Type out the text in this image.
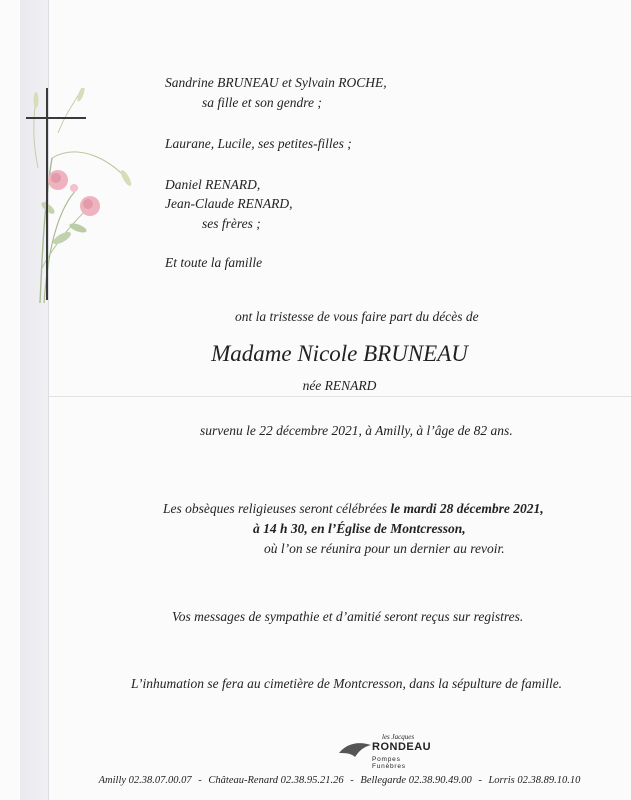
Sandrine BRUNEAU et Sylvain ROCHE,
sa fille et son gendre ;
Laurane, Lucile, ses petites-filles ;
Daniel RENARD,
Jean-Claude RENARD,
ses frères ;
Et toute la famille
ont la tristesse de vous faire part du décès de
Madame Nicole BRUNEAU
née RENARD
survenu le 22 décembre 2021, à Amilly, à l’âge de 82 ans.
Les obsèques religieuses seront célébrées le mardi 28 décembre 2021,
à 14 h 30, en l’Église de Montcresson,
où l’on se réunira pour un dernier au revoir.
Vos messages de sympathie et d’amitié seront reçus sur registres.
L’inhumation se fera au cimetière de Montcresson, dans la sépulture de famille.
les Jacques
RONDEAU
Pompes Funèbres
Amilly 02.38.07.00.07 - Château-Renard 02.38.95.21.26 - Bellegarde 02.38.90.49.00 - Lorris 02.38.89.10.10
